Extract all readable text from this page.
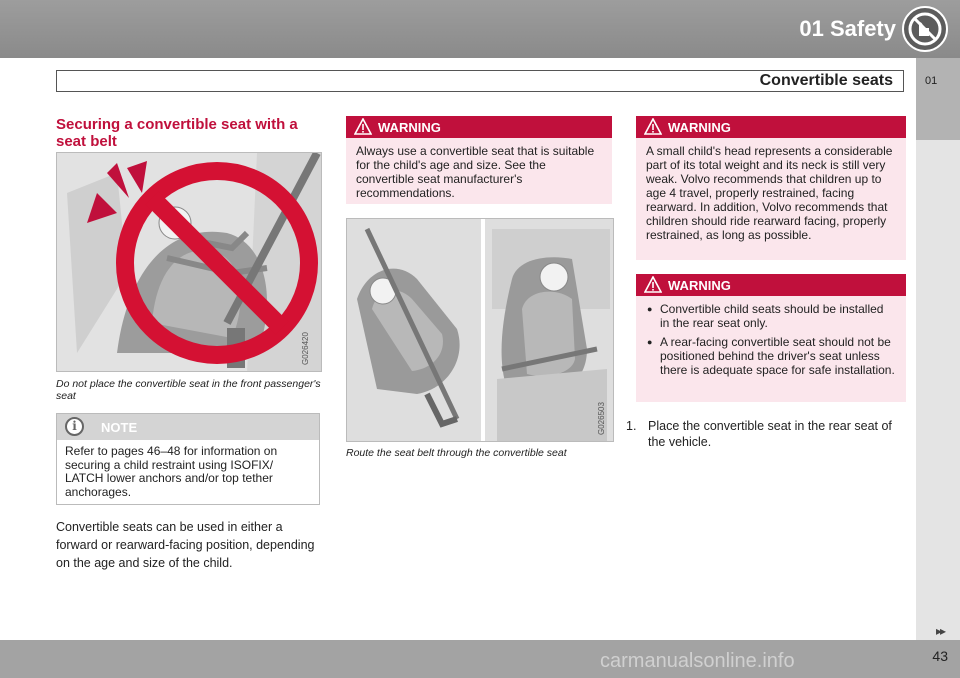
01 Safety
Convertible seats	01
Securing a convertible seat with a seat belt
G026420
Do not place the convertible seat in the front passenger's seat
i	NOTE
Refer to pages 46–48 for information on securing a child restraint using ISOFIX/ LATCH lower anchors and/or top tether anchorages.
Convertible seats can be used in either a forward or rearward-facing position, depending on the age and size of the child.
WARNING
Always use a convertible seat that is suitable for the child's age and size. See the convertible seat manufacturer's recommendations.
G026503
Route the seat belt through the convertible seat
WARNING
A small child's head represents a considerable part of its total weight and its neck is still very weak. Volvo recommends that children up to age 4 travel, properly restrained, facing rearward. In addition, Volvo recommends that children should ride rearward facing, properly restrained, as long as possible.
WARNING
● Convertible child seats should be installed in the rear seat only.
● A rear-facing convertible seat should not be positioned behind the driver's seat unless there is adequate space for safe installation.
1. Place the convertible seat in the rear seat of the vehicle.
▸▸
carmanualsonline.info	43
